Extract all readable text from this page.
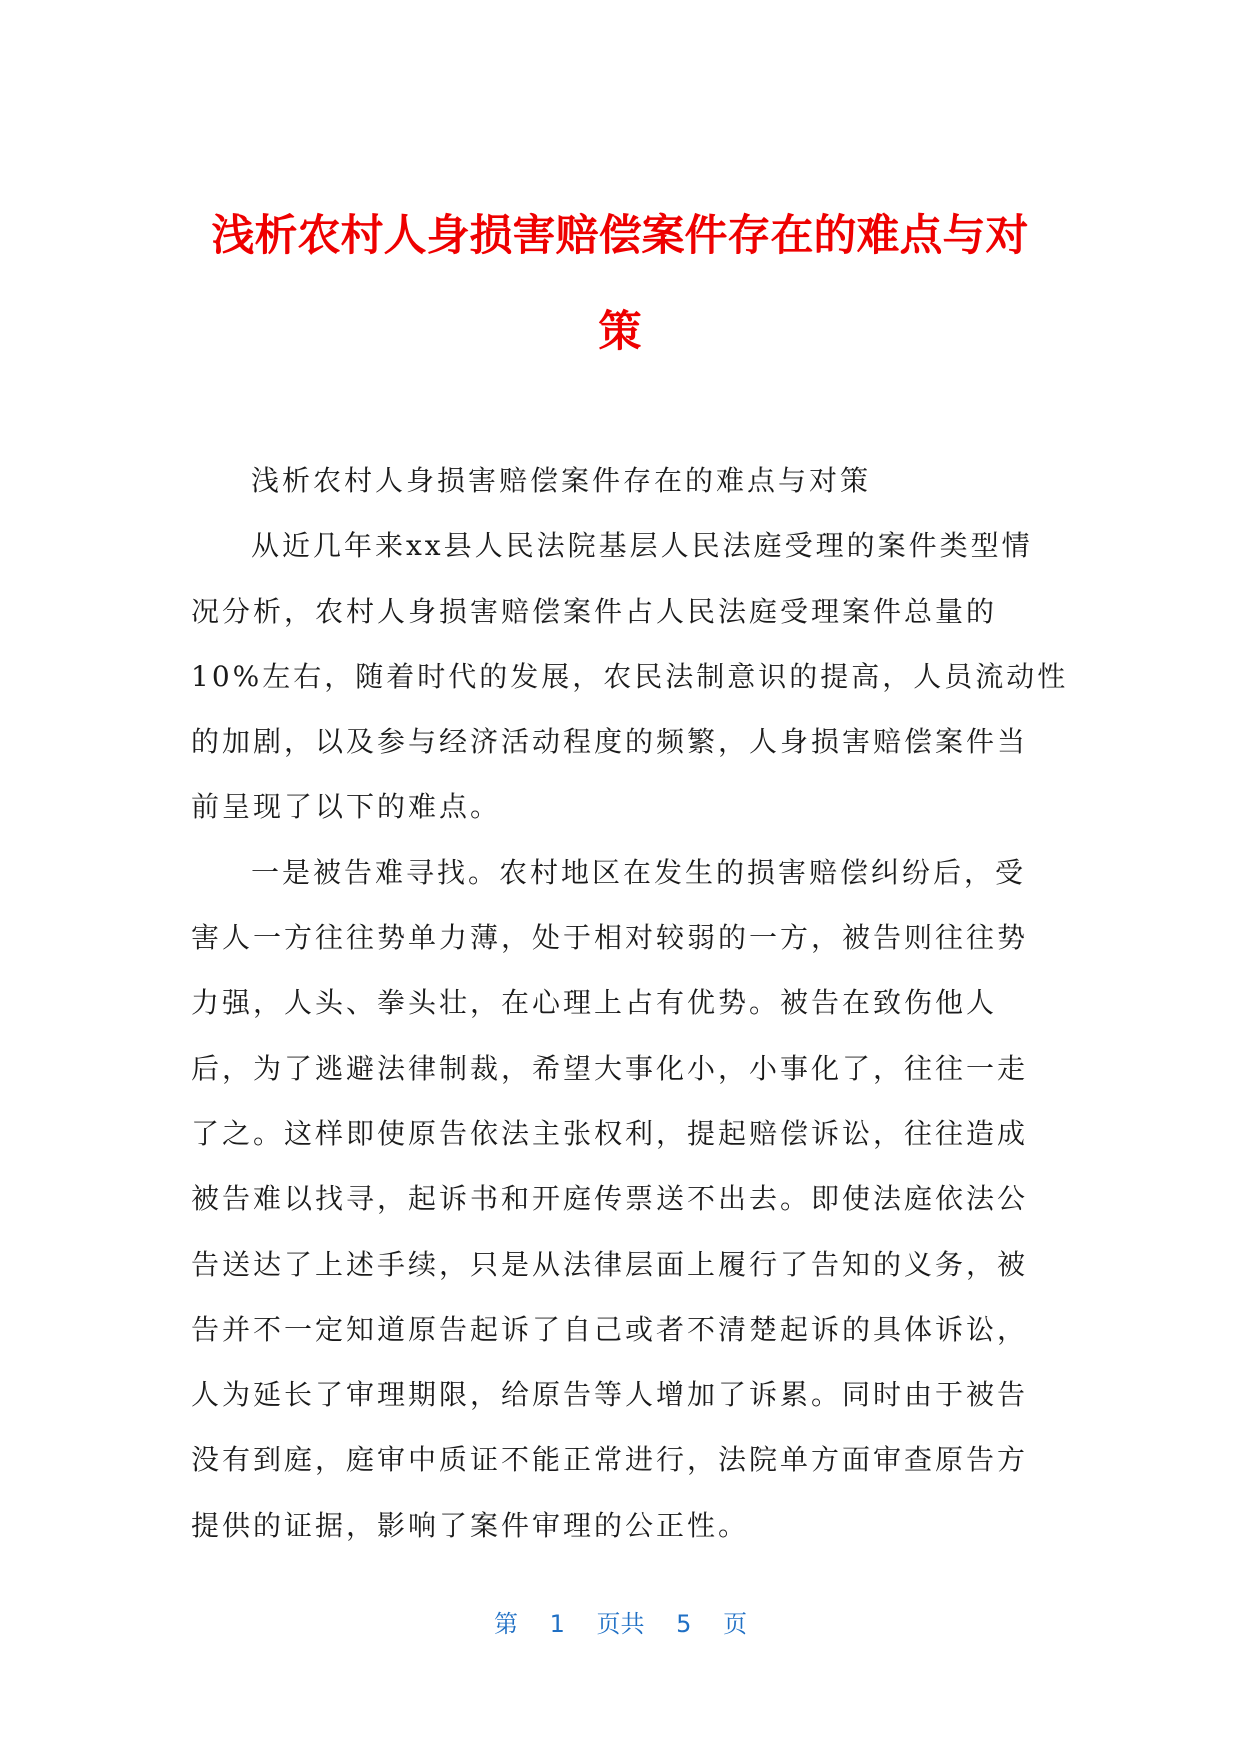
浅析农村人身损害赔偿案件存在的难点与对
策
浅析农村人身损害赔偿案件存在的难点与对策
从近几年来xx县人民法院基层人民法庭受理的案件类型情
况分析，农村人身损害赔偿案件占人民法庭受理案件总量的
10%左右，随着时代的发展，农民法制意识的提高，人员流动性
的加剧，以及参与经济活动程度的频繁，人身损害赔偿案件当
前呈现了以下的难点。
一是被告难寻找。农村地区在发生的损害赔偿纠纷后，受
害人一方往往势单力薄，处于相对较弱的一方，被告则往往势
力强，人头、拳头壮，在心理上占有优势。被告在致伤他人
后，为了逃避法律制裁，希望大事化小，小事化了，往往一走
了之。这样即使原告依法主张权利，提起赔偿诉讼，往往造成
被告难以找寻，起诉书和开庭传票送不出去。即使法庭依法公
告送达了上述手续，只是从法律层面上履行了告知的义务，被
告并不一定知道原告起诉了自己或者不清楚起诉的具体诉讼，
人为延长了审理期限，给原告等人增加了诉累。同时由于被告
没有到庭，庭审中质证不能正常进行，法院单方面审查原告方
提供的证据，影响了案件审理的公正性。
第 1 页共 5 页
